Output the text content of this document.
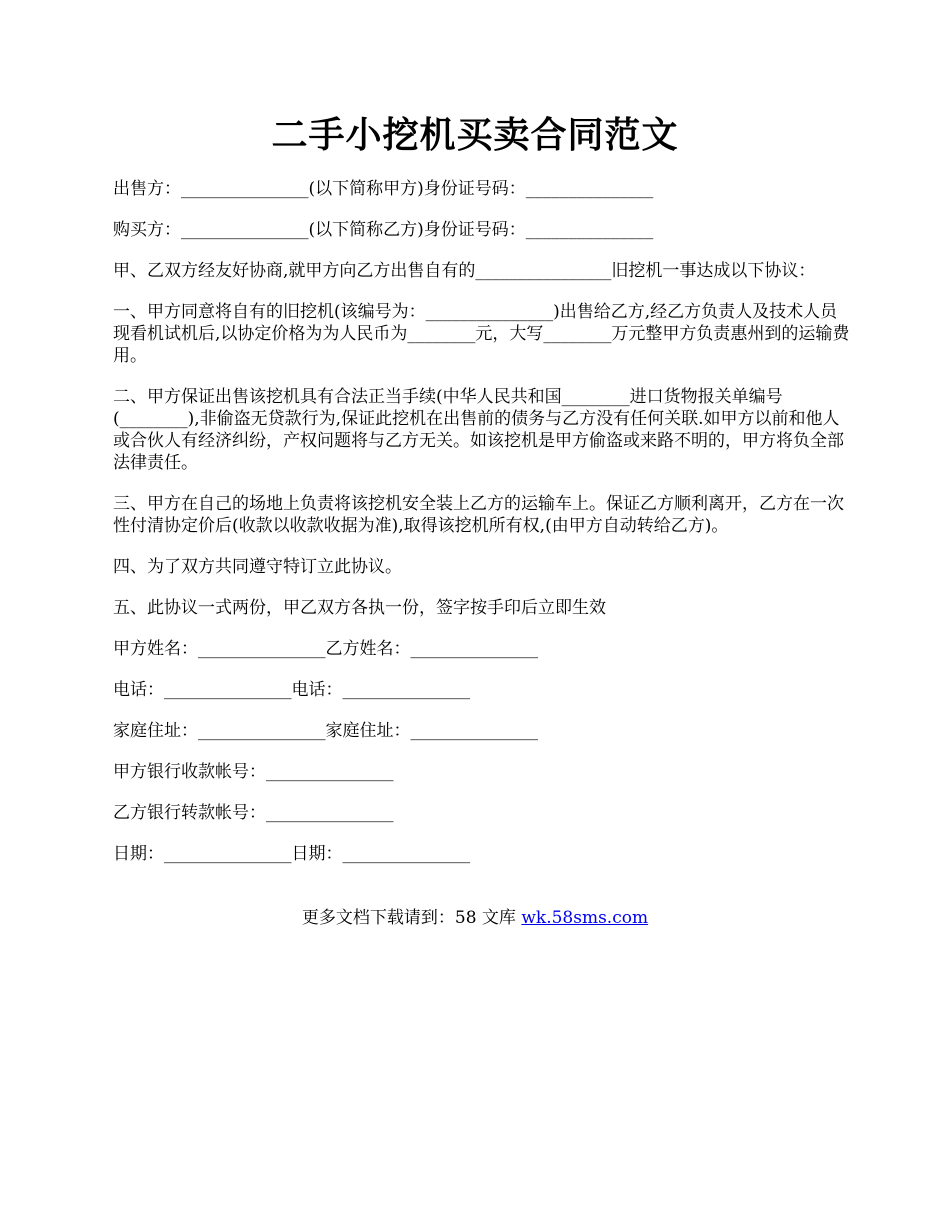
二手小挖机买卖合同范文

出售方：_______________(以下简称甲方)身份证号码：_______________

购买方：_______________(以下简称乙方)身份证号码：_______________

甲、乙双方经友好协商,就甲方向乙方出售自有的________________旧挖机一事达成以下协议：

一、甲方同意将自有的旧挖机(该编号为：_______________)出售给乙方,经乙方负责人及技术人员现看机试机后,以协定价格为为人民币为________元，大写________万元整甲方负责惠州到的运输费用。

二、甲方保证出售该挖机具有合法正当手续(中华人民共和国________进口货物报关单编号(________),非偷盗无贷款行为,保证此挖机在出售前的债务与乙方没有任何关联.如甲方以前和他人或合伙人有经济纠纷，产权问题将与乙方无关。如该挖机是甲方偷盗或来路不明的，甲方将负全部法律责任。

三、甲方在自己的场地上负责将该挖机安全装上乙方的运输车上。保证乙方顺利离开，乙方在一次性付清协定价后(收款以收款收据为准),取得该挖机所有权,(由甲方自动转给乙方)。

四、为了双方共同遵守特订立此协议。

五、此协议一式两份，甲乙双方各执一份，签字按手印后立即生效

甲方姓名：_______________乙方姓名：_______________

电话：_______________电话：_______________

家庭住址：_______________家庭住址：_______________

甲方银行收款帐号：_______________

乙方银行转款帐号：_______________

日期：_______________日期：_______________

更多文档下载请到：58 文库 wk.58sms.com
